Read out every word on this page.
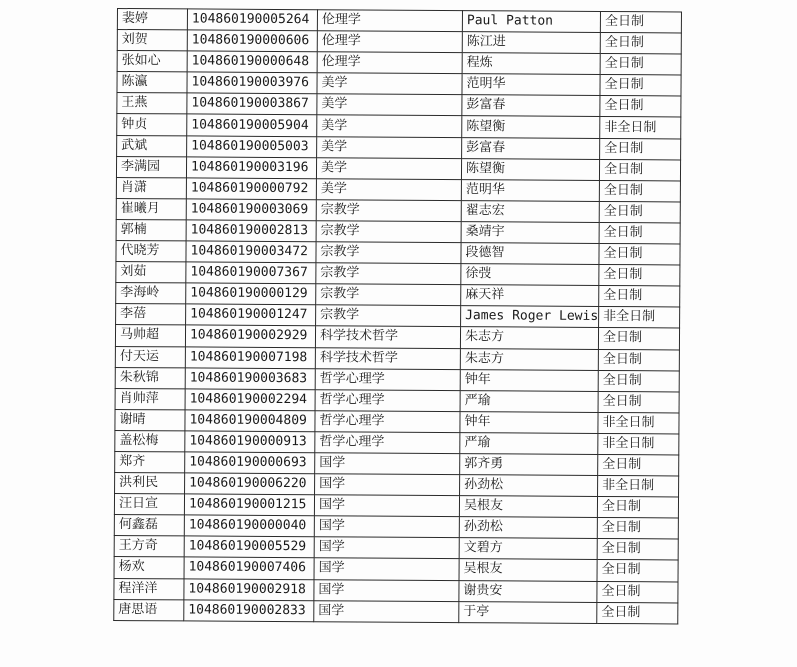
裴婷	104860190005264	伦理学	Paul Patton	全日制
刘贺	104860190000606	伦理学	陈江进	全日制
张如心	104860190000648	伦理学	程炼	全日制
陈瀛	104860190003976	美学	范明华	全日制
王燕	104860190003867	美学	彭富春	全日制
钟贞	104860190005904	美学	陈望衡	非全日制
武斌	104860190005003	美学	彭富春	全日制
李满园	104860190003196	美学	陈望衡	全日制
肖潇	104860190000792	美学	范明华	全日制
崔曦月	104860190003069	宗教学	翟志宏	全日制
郭楠	104860190002813	宗教学	桑靖宇	全日制
代晓芳	104860190003472	宗教学	段德智	全日制
刘茹	104860190007367	宗教学	徐弢	全日制
李海岭	104860190000129	宗教学	麻天祥	全日制
李蓓	104860190001247	宗教学	James Roger Lewis	非全日制
马帅超	104860190002929	科学技术哲学	朱志方	全日制
付天运	104860190007198	科学技术哲学	朱志方	全日制
朱秋锦	104860190003683	哲学心理学	钟年	全日制
肖帅萍	104860190002294	哲学心理学	严瑜	全日制
谢晴	104860190004809	哲学心理学	钟年	非全日制
盖松梅	104860190000913	哲学心理学	严瑜	非全日制
郑齐	104860190000693	国学	郭齐勇	全日制
洪利民	104860190006220	国学	孙劲松	非全日制
汪日宣	104860190001215	国学	吴根友	全日制
何鑫磊	104860190000040	国学	孙劲松	全日制
王方奇	104860190005529	国学	文碧方	全日制
杨欢	104860190007406	国学	吴根友	全日制
程洋洋	104860190002918	国学	谢贵安	全日制
唐思语	104860190002833	国学	于亭	全日制
